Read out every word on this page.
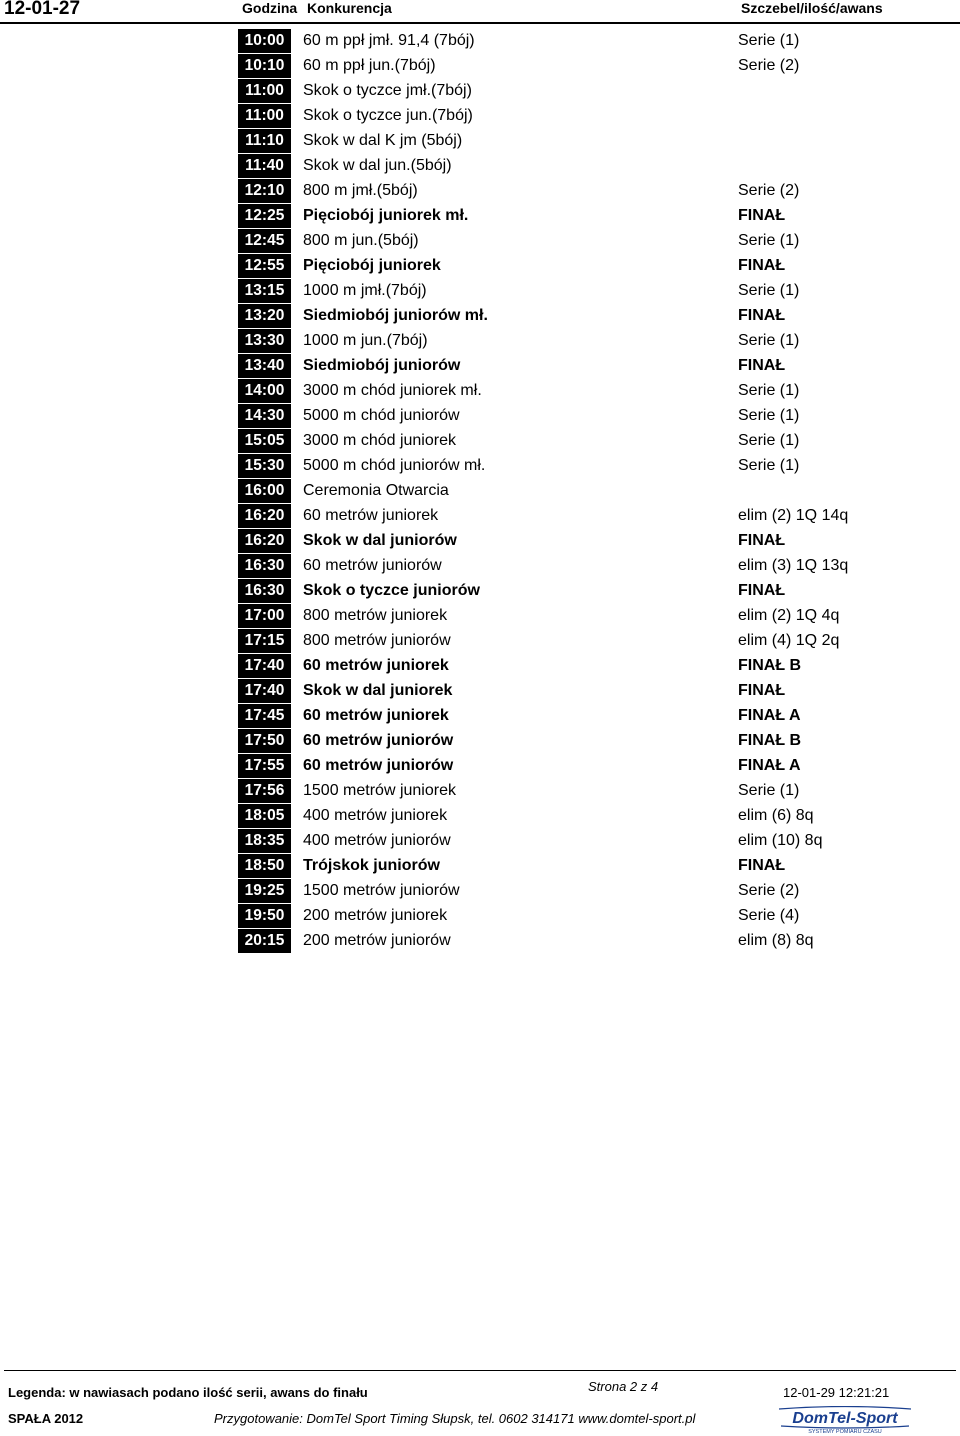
12-01-27	Godzina Konkurencja	Szczebel/ilość/awans
10:00	60 m ppł jmł. 91,4 (7bój)	Serie (1)
10:10	60 m ppł jun.(7bój)	Serie (2)
11:00	Skok o tyczce jmł.(7bój)
11:00	Skok o tyczce jun.(7bój)
11:10	Skok w dal K jm (5bój)
11:40	Skok w dal jun.(5bój)
12:10	800 m jmł.(5bój)	Serie (2)
12:25	Pięciobój juniorek mł.	FINAŁ
12:45	800 m jun.(5bój)	Serie (1)
12:55	Pięciobój juniorek	FINAŁ
13:15	1000 m jmł.(7bój)	Serie (1)
13:20	Siedmiobój juniorów mł.	FINAŁ
13:30	1000 m jun.(7bój)	Serie (1)
13:40	Siedmiobój juniorów	FINAŁ
14:00	3000 m chód juniorek mł.	Serie (1)
14:30	5000 m chód juniorów	Serie (1)
15:05	3000 m chód juniorek	Serie (1)
15:30	5000 m chód juniorów mł.	Serie (1)
16:00	Ceremonia Otwarcia
16:20	60 metrów juniorek	elim (2) 1Q 14q
16:20	Skok w dal juniorów	FINAŁ
16:30	60 metrów juniorów	elim (3) 1Q 13q
16:30	Skok o tyczce juniorów	FINAŁ
17:00	800 metrów juniorek	elim (2) 1Q 4q
17:15	800 metrów juniorów	elim (4) 1Q 2q
17:40	60 metrów juniorek	FINAŁ B
17:40	Skok w dal juniorek	FINAŁ
17:45	60 metrów juniorek	FINAŁ A
17:50	60 metrów juniorów	FINAŁ B
17:55	60 metrów juniorów	FINAŁ A
17:56	1500 metrów juniorek	Serie (1)
18:05	400 metrów juniorek	elim (6) 8q
18:35	400 metrów juniorów	elim (10) 8q
18:50	Trójskok juniorów	FINAŁ
19:25	1500 metrów juniorów	Serie (2)
19:50	200 metrów juniorek	Serie (4)
20:15	200 metrów juniorów	elim (8) 8q
Legenda: w nawiasach podano ilość serii, awans do finału	Strona 2 z 4	12-01-29 12:21:21
SPAŁA 2012	Przygotowanie: DomTel Sport Timing Słupsk, tel. 0602 314171 www.domtel-sport.pl	DomTel-Sport
SYSTEMY POMIARU CZASU
